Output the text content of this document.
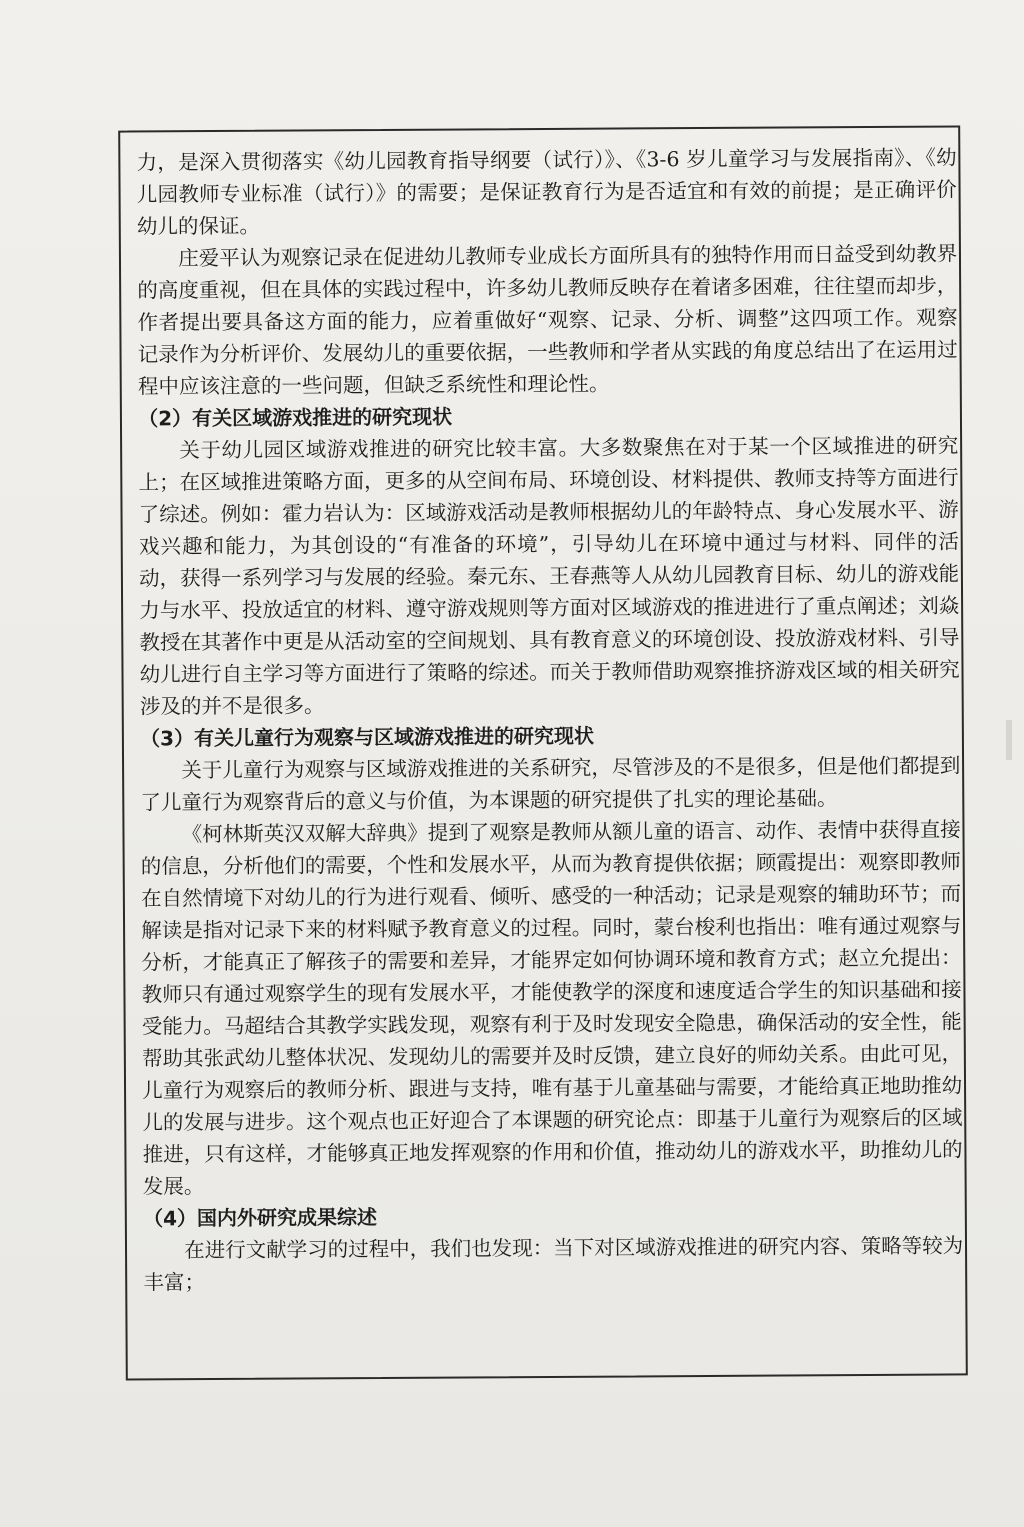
力，是深入贯彻落实《幼儿园教育指导纲要（试行）》、《3-6 岁儿童学习与发展指南》、《幼儿园教师专业标准（试行）》的需要；是保证教育行为是否适宜和有效的前提；是正确评价幼儿的保证。

庄爱平认为观察记录在促进幼儿教师专业成长方面所具有的独特作用而日益受到幼教界的高度重视，但在具体的实践过程中，许多幼儿教师反映存在着诸多困难，往往望而却步，作者提出要具备这方面的能力，应着重做好“观察、记录、分析、调整”这四项工作。观察记录作为分析评价、发展幼儿的重要依据，一些教师和学者从实践的角度总结出了在运用过程中应该注意的一些问题，但缺乏系统性和理论性。

（2）有关区域游戏推进的研究现状

关于幼儿园区域游戏推进的研究比较丰富。大多数聚焦在对于某一个区域推进的研究上；在区域推进策略方面，更多的从空间布局、环境创设、材料提供、教师支持等方面进行了综述。例如：霍力岩认为：区域游戏活动是教师根据幼儿的年龄特点、身心发展水平、游戏兴趣和能力，为其创设的“有准备的环境”，引导幼儿在环境中通过与材料、同伴的活动，获得一系列学习与发展的经验。秦元东、王春燕等人从幼儿园教育目标、幼儿的游戏能力与水平、投放适宜的材料、遵守游戏规则等方面对区域游戏的推进进行了重点阐述；刘焱教授在其著作中更是从活动室的空间规划、具有教育意义的环境创设、投放游戏材料、引导幼儿进行自主学习等方面进行了策略的综述。而关于教师借助观察推挤游戏区域的相关研究涉及的并不是很多。

（3）有关儿童行为观察与区域游戏推进的研究现状

关于儿童行为观察与区域游戏推进的关系研究，尽管涉及的不是很多，但是他们都提到了儿童行为观察背后的意义与价值，为本课题的研究提供了扎实的理论基础。

《柯林斯英汉双解大辞典》提到了观察是教师从额儿童的语言、动作、表情中获得直接的信息，分析他们的需要，个性和发展水平，从而为教育提供依据；顾霞提出：观察即教师在自然情境下对幼儿的行为进行观看、倾听、感受的一种活动；记录是观察的辅助环节；而解读是指对记录下来的材料赋予教育意义的过程。同时，蒙台梭利也指出：唯有通过观察与分析，才能真正了解孩子的需要和差异，才能界定如何协调环境和教育方式；赵立允提出：教师只有通过观察学生的现有发展水平，才能使教学的深度和速度适合学生的知识基础和接受能力。马超结合其教学实践发现，观察有利于及时发现安全隐患，确保活动的安全性，能帮助其张武幼儿整体状况、发现幼儿的需要并及时反馈，建立良好的师幼关系。由此可见，儿童行为观察后的教师分析、跟进与支持，唯有基于儿童基础与需要，才能给真正地助推幼儿的发展与进步。这个观点也正好迎合了本课题的研究论点：即基于儿童行为观察后的区域推进，只有这样，才能够真正地发挥观察的作用和价值，推动幼儿的游戏水平，助推幼儿的发展。

（4）国内外研究成果综述

在进行文献学习的过程中，我们也发现：当下对区域游戏推进的研究内容、策略等较为丰富；
